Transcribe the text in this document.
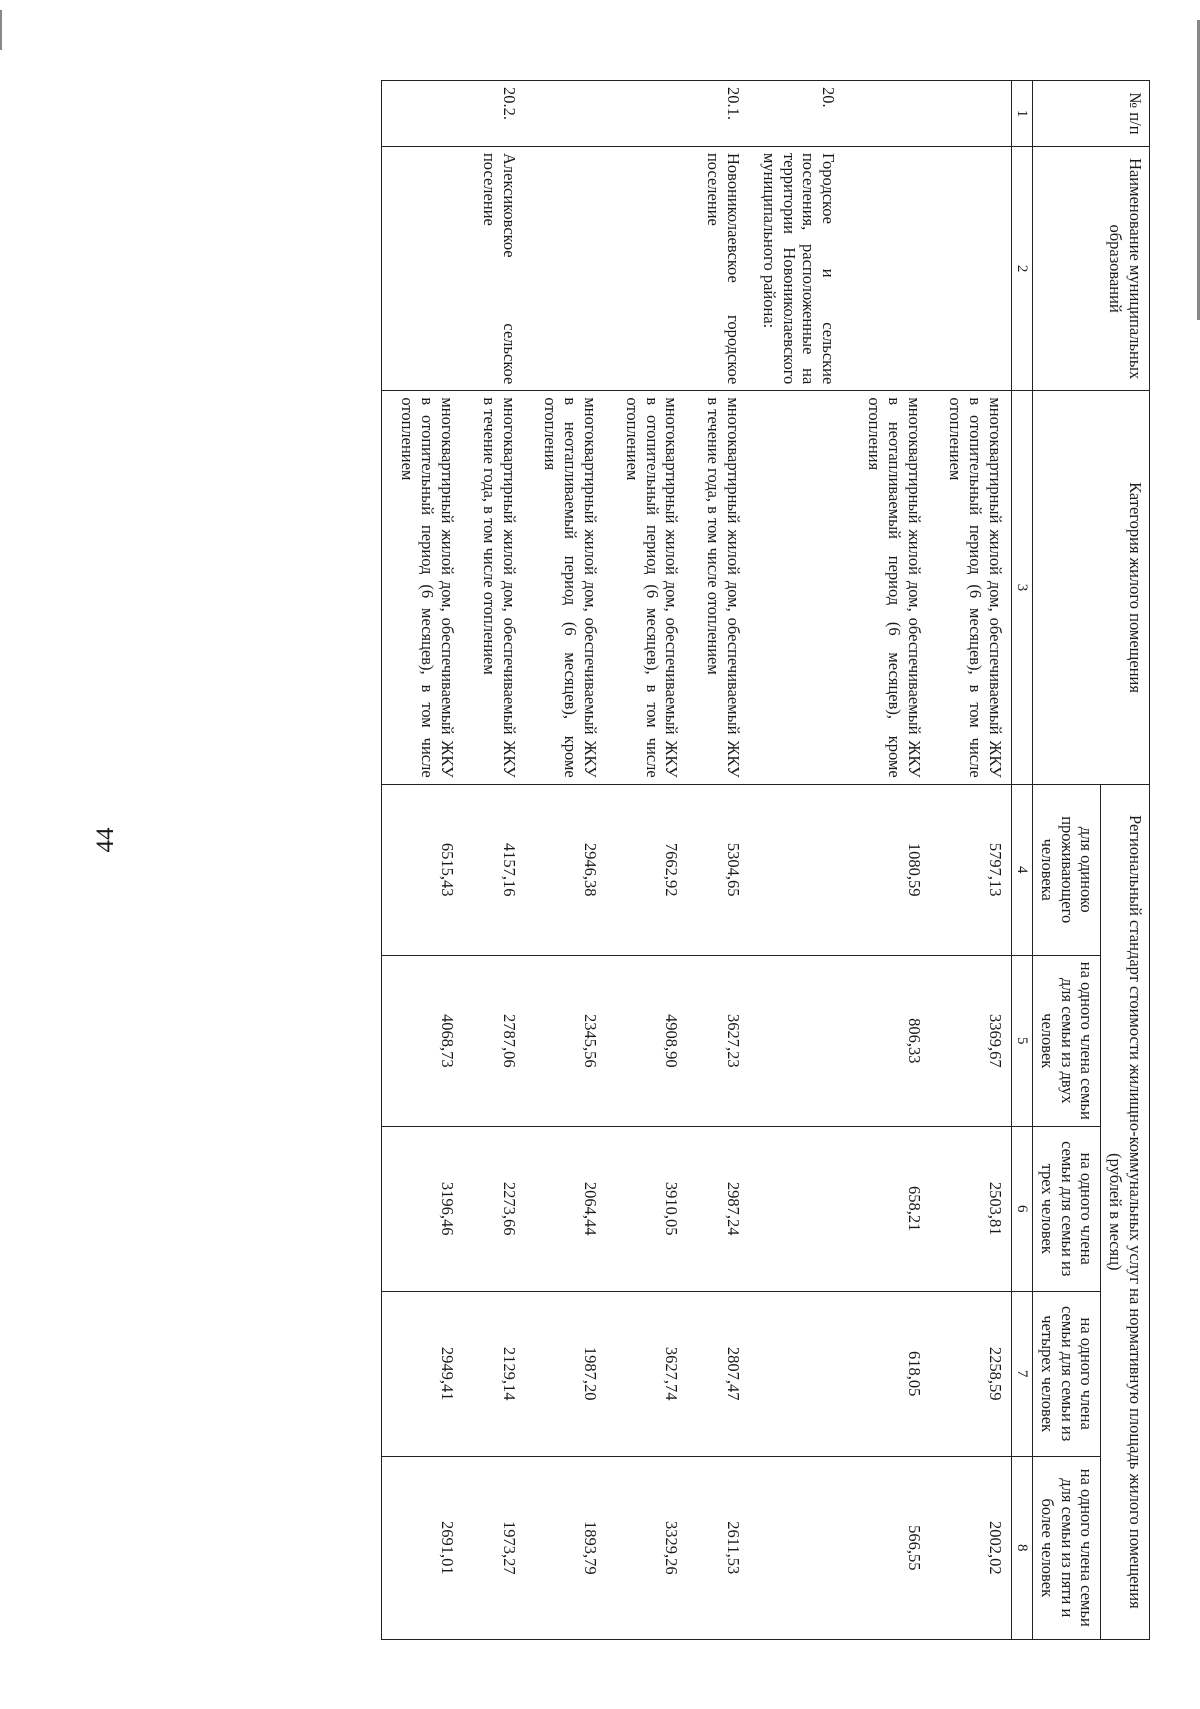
44
№ п/п	Наименование муниципальных образований	Категория жилого помещения	Региональный стандарт стоимости жилищно-коммунальных услуг на нормативную площадь жилого помещения (рублей в месяц)				
			для одиноко проживающего человека	на одного члена семьи для семьи из двух человек	на одного члена семьи для семьи из трех человек	на одного члена семьи для семьи из четырех человек	на одного члена семьи для семьи из пяти и более человек
1	2	3	4	5	6	7	8
		многоквартирный жилой дом, обеспечиваемый ЖКУ в отопительный период (6 месяцев), в том числе отоплением	5797,13	3369,67	2503,81	2258,59	2002,02
		многоквартирный жилой дом, обеспечиваемый ЖКУ в неотапливаемый период (6 месяцев), кроме отопления	1080,59	806,33	658,21	618,05	566,55
20.	Городское и сельские поселения, расположенные на территории Новониколаевского муниципального района:						
20.1.	Новониколаевское городское поселение	многоквартирный жилой дом, обеспечиваемый ЖКУ в течение года, в том числе отоплением	5304,65	3627,23	2987,24	2807,47	2611,53
		многоквартирный жилой дом, обеспечиваемый ЖКУ в отопительный период (6 месяцев), в том числе отоплением	7662,92	4908,90	3910,05	3627,74	3329,26
		многоквартирный жилой дом, обеспечиваемый ЖКУ в неотапливаемый период (6 месяцев), кроме отопления	2946,38	2345,56	2064,44	1987,20	1893,79
20.2.	Алексиковское сельское поселение	многоквартирный жилой дом, обеспечиваемый ЖКУ в течение года, в том числе отоплением	4157,16	2787,06	2273,66	2129,14	1973,27
		многоквартирный жилой дом, обеспечиваемый ЖКУ в отопительный период (6 месяцев), в том числе отоплением	6515,43	4068,73	3196,46	2949,41	2691,01
